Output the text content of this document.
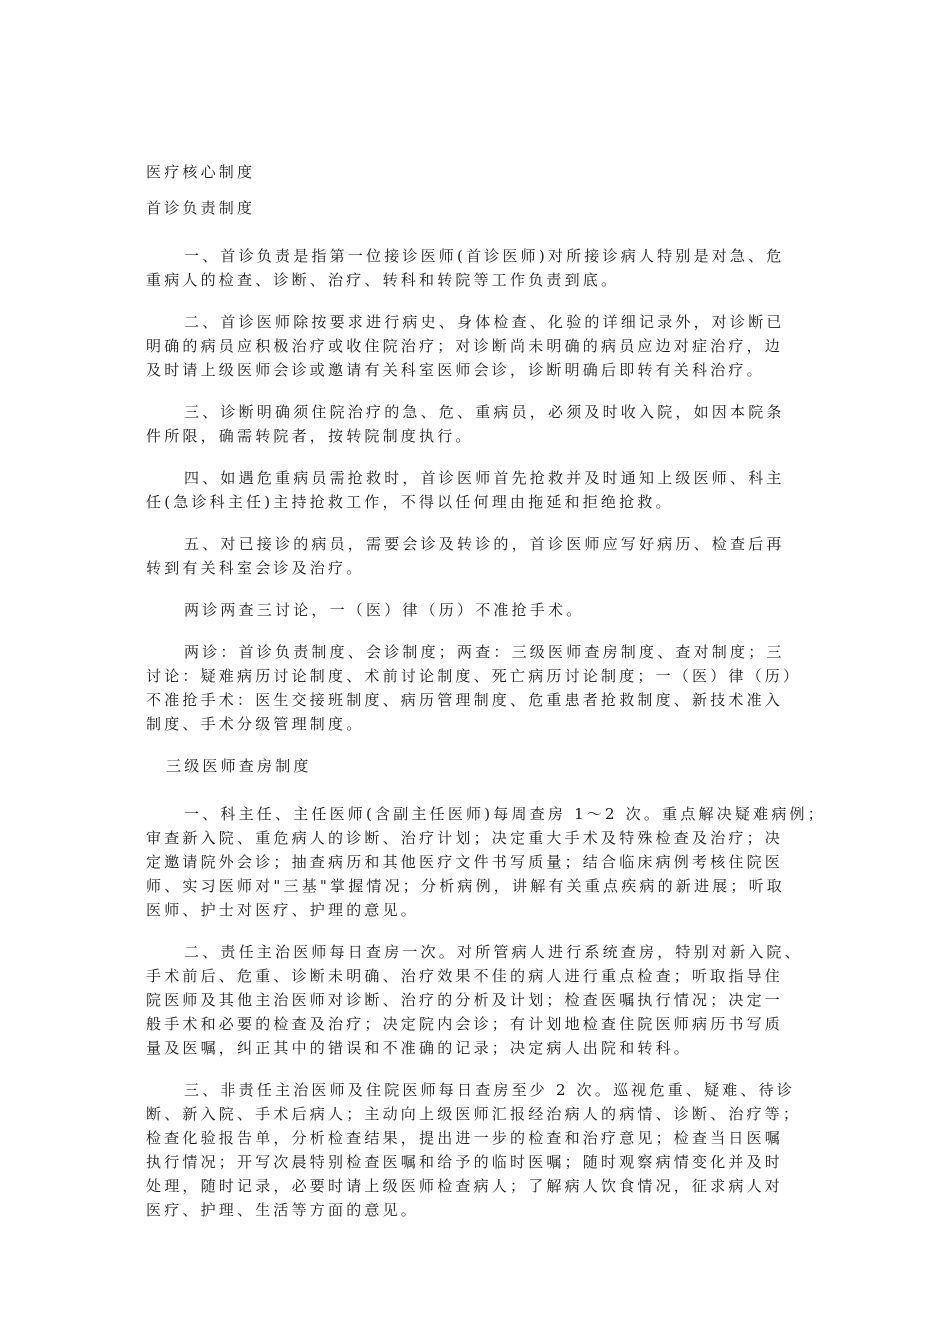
医疗核心制度

首诊负责制度

一、首诊负责是指第一位接诊医师(首诊医师)对所接诊病人特别是对急、危

重病人的检查、诊断、治疗、转科和转院等工作负责到底。

二、首诊医师除按要求进行病史、身体检查、化验的详细记录外，对诊断已

明确的病员应积极治疗或收住院治疗；对诊断尚未明确的病员应边对症治疗，边

及时请上级医师会诊或邀请有关科室医师会诊，诊断明确后即转有关科治疗。

三、诊断明确须住院治疗的急、危、重病员，必须及时收入院，如因本院条

件所限，确需转院者，按转院制度执行。

四、如遇危重病员需抢救时，首诊医师首先抢救并及时通知上级医师、科主

任(急诊科主任)主持抢救工作，不得以任何理由拖延和拒绝抢救。

五、对已接诊的病员，需要会诊及转诊的，首诊医师应写好病历、检查后再

转到有关科室会诊及治疗。

两诊两查三讨论，一（医）律（历）不准抢手术。

两诊：首诊负责制度、会诊制度；两查：三级医师查房制度、查对制度；三

讨论：疑难病历讨论制度、术前讨论制度、死亡病历讨论制度；一（医）律（历）

不准抢手术：医生交接班制度、病历管理制度、危重患者抢救制度、新技术准入

制度、手术分级管理制度。

三级医师查房制度

一、科主任、主任医师(含副主任医师)每周查房 1～2 次。重点解决疑难病例；

审查新入院、重危病人的诊断、治疗计划；决定重大手术及特殊检查及治疗；决

定邀请院外会诊；抽查病历和其他医疗文件书写质量；结合临床病例考核住院医

师、实习医师对"三基"掌握情况；分析病例，讲解有关重点疾病的新进展；听取

医师、护士对医疗、护理的意见。

二、责任主治医师每日查房一次。对所管病人进行系统查房，特别对新入院、

手术前后、危重、诊断未明确、治疗效果不佳的病人进行重点检查；听取指导住

院医师及其他主治医师对诊断、治疗的分析及计划；检查医嘱执行情况；决定一

般手术和必要的检查及治疗；决定院内会诊；有计划地检查住院医师病历书写质

量及医嘱，纠正其中的错误和不准确的记录；决定病人出院和转科。

三、非责任主治医师及住院医师每日查房至少 2 次。巡视危重、疑难、待诊

断、新入院、手术后病人；主动向上级医师汇报经治病人的病情、诊断、治疗等；

检查化验报告单，分析检查结果，提出进一步的检查和治疗意见；检查当日医嘱

执行情况；开写次晨特别检查医嘱和给予的临时医嘱；随时观察病情变化并及时

处理，随时记录，必要时请上级医师检查病人；了解病人饮食情况，征求病人对

医疗、护理、生活等方面的意见。
